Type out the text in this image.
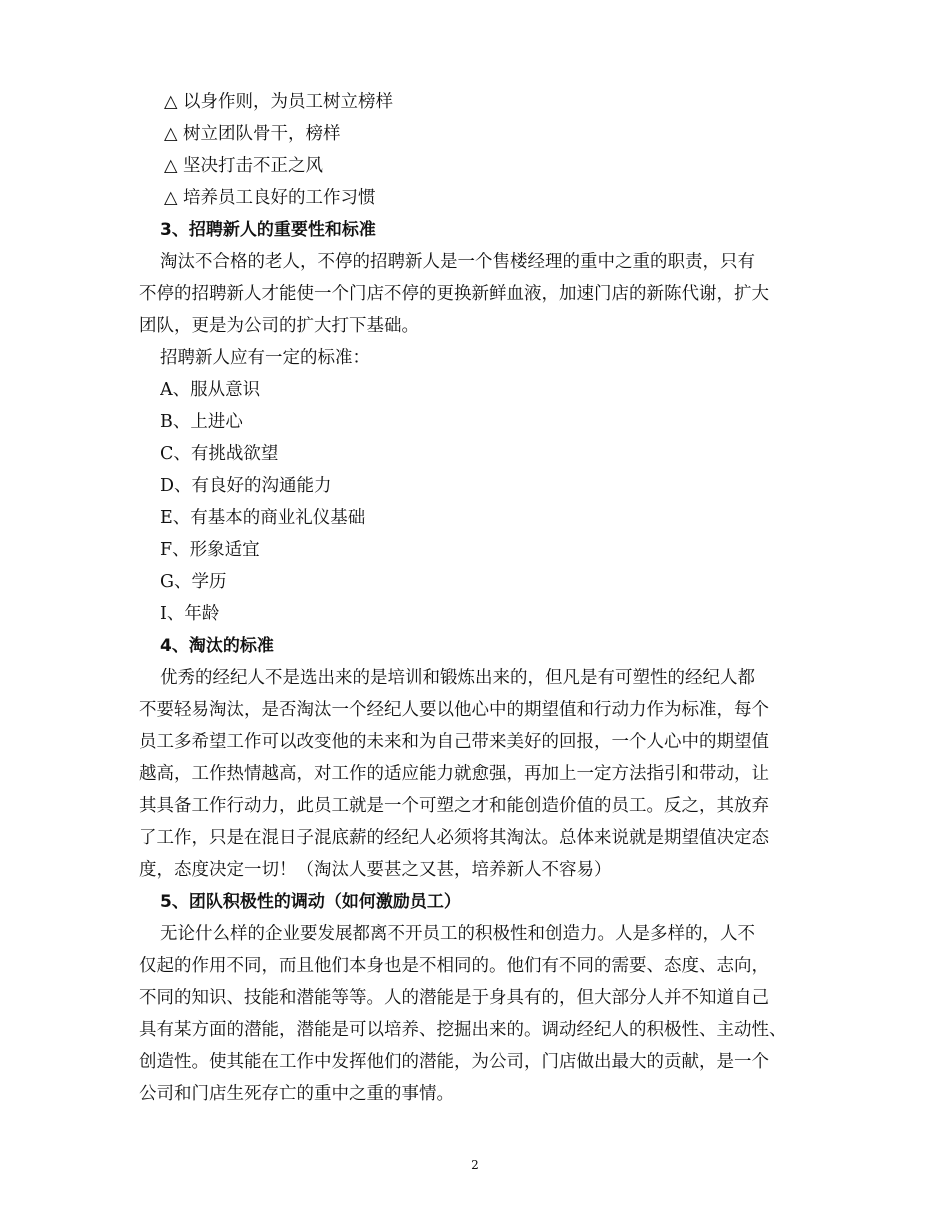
△ 以身作则，为员工树立榜样
△ 树立团队骨干，榜样
△ 坚决打击不正之风
△ 培养员工良好的工作习惯
3、招聘新人的重要性和标准
淘汰不合格的老人，不停的招聘新人是一个售楼经理的重中之重的职责，只有
不停的招聘新人才能使一个门店不停的更换新鲜血液，加速门店的新陈代谢，扩大
团队，更是为公司的扩大打下基础。
招聘新人应有一定的标准：
A、服从意识
B、上进心
C、有挑战欲望
D、有良好的沟通能力
E、有基本的商业礼仪基础
F、形象适宜
G、学历
I、年龄
4、淘汰的标准
优秀的经纪人不是选出来的是培训和锻炼出来的，但凡是有可塑性的经纪人都
不要轻易淘汰，是否淘汰一个经纪人要以他心中的期望值和行动力作为标准，每个
员工多希望工作可以改变他的未来和为自己带来美好的回报，一个人心中的期望值
越高，工作热情越高，对工作的适应能力就愈强，再加上一定方法指引和带动，让
其具备工作行动力，此员工就是一个可塑之才和能创造价值的员工。反之，其放弃
了工作，只是在混日子混底薪的经纪人必须将其淘汰。总体来说就是期望值决定态
度，态度决定一切！（淘汰人要甚之又甚，培养新人不容易）
5、团队积极性的调动（如何激励员工）
无论什么样的企业要发展都离不开员工的积极性和创造力。人是多样的，人不
仅起的作用不同，而且他们本身也是不相同的。他们有不同的需要、态度、志向，
不同的知识、技能和潜能等等。人的潜能是于身具有的，但大部分人并不知道自己
具有某方面的潜能，潜能是可以培养、挖掘出来的。调动经纪人的积极性、主动性、
创造性。使其能在工作中发挥他们的潜能，为公司，门店做出最大的贡献，是一个
公司和门店生死存亡的重中之重的事情。
2
